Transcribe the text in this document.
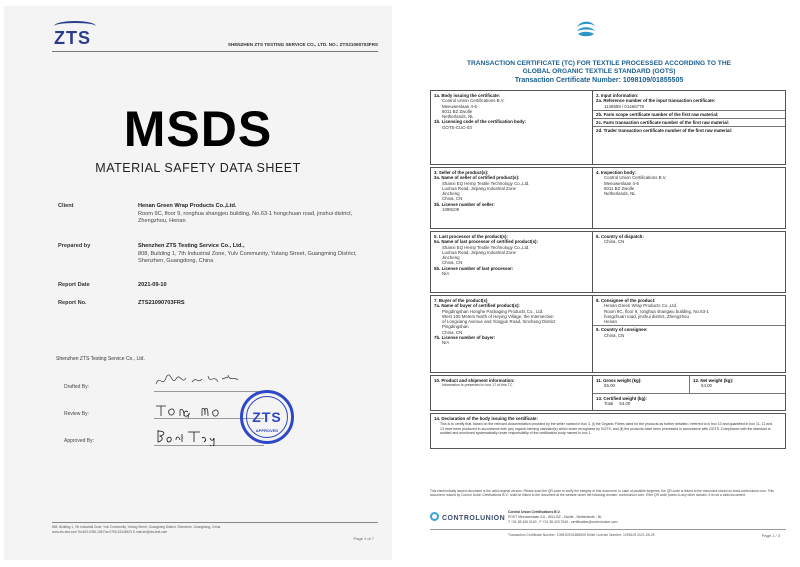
ZTS	SHENZHEN ZTS TESTING SERVICE CO., LTD. NO.: ZTS21090703FRS
MSDS
MATERIAL SAFETY DATA SHEET
Client	Henan Green Wrap Products Co.,Ltd.
Room 9C, floor 9, ronghua shangjeu building, No.63-1 hongchuan road, jinshui district, Zhengzhou, Henan
Prepared by	Shenzhen ZTS Testing Service Co., Ltd.,
808, Building 1, 7th Industrial Zone, Yulv Community, Yutang Street, Guangming District, Shenzhen, Guangdong, China
Report Date	2021-09-10
Report No.	ZTS21090703FRS
Shenzhen ZTS Testing Service Co., Ltd.
Drafted By:
Review By:
Approved By:
ZTS
APPROVED
808, Building 1, 7th Industrial Zone, Yulv Community, Yutang Street, Guangming District, Shenzhen, Guangdong, China
www.zts-test.com Tel:400-6786-108 Fax:0755-33146923 E-mail:zts@zts-test.com
Page 1 of 7
TRANSACTION CERTIFICATE (TC) FOR TEXTILE PROCESSED ACCORDING TO THE
GLOBAL ORGANIC TEXTILE STANDARD (GOTS)
Transaction Certificate Number: 1098109/01855505
1a. Body issuing the certificate:
Control Union Certifications B.V.
Meeuwenlaan 4-6
8011 BZ Zwolle
Netherlands, NL
1b. Licensing code of the certification body:
GOTS-CUC-03
2. Input information:
2a. Reference number of the input transaction certificate:
1148559 / 01466779
2b. Farm scope certificate number of the first raw material:
2c. Farm transaction certificate number of the first raw material:
2d. Trader transaction certificate number of the first raw material:
3. Seller of the product(s):
3a. Name of seller of certified product(s):
Shanxi EQ Hemp Textile Technology Co.,Ltd.
Luohua Road, Jinjiang Industrial Zone
Jincheng
China, CN
3b. License number of seller:
1098109
4. Inspection body:
Control Union Certifications B.V.
Meeuwenlaan 4-6
8011 BZ Zwolle
Netherlands, NL
5. Last processor of the product(s):
5a. Name of last processor of certified product(s):
Shanxi EQ Hemp Textile Technology Co.,Ltd.
Luohua Road, Jinjiang Industrial Zone
Jincheng
China, CN
5b. License number of last processor:
N/A
6. Country of dispatch:
China, CN
7. Buyer of the product(s)
7a. Name of buyer of certified product(s):
Pingdingshan Honghe Packaging Products Co., Ltd.
West 100 Meters North of Heying Village, the Intersection
of Longxiang Avenue and Yongjun Road, Xincheng District
Pingdingshan
China, CN
7b. License number of buyer:
N/A
8. Consignee of the product:
Henan Green Wrap Products Co.,Ltd.
Room 9C, floor 9, ronghua shangwu building, No.63-1
hongchuan road, jinshui district, Zhengzhou
Henan
9. Country of consignee:
China, CN
10. Product and shipment information:
Information is presented in box 17 of this TC
11. Gross weight (kg):
55.00
12. Net weight (kg):
54.00
13. Certified weight (kg):
Total 54.00
14. Declaration of the body issuing the certificate:
This is to certify that, based on the relevant documentation provided by the seller named in box 3, (i) the Organic Fibres used for the products as further detailed / referred to in box 10 and quantified in box 11, 12 and 13 have been produced in accordance with (an) organic farming standard(s) which is/are recognized by GOTS, and (ii) the products have been processed in accordance with GOTS. Compliance with the standard is audited and monitored systematically under responsibility of the certification body named in box 1.
This electronically issued document is the valid original version. Please scan the QR-code to verify the integrity of this document. In case of possible forgeries, the QR-code is linked to the document stored on www.controlunion.com. This document, issued by Control Union Certifications B.V., shall be linked to the document at the website under the following domain: controlunion.com. If the QR code points to any other domain, it is not a valid document.
CONTROLUNION
Control Union Certifications B.V.
POST Meeuwenlaan 4-6 - 8011 BZ - Zwolle - Netherlands - NL
T +31 38 426 0100 - F +31 38 423 7040 - certification@controlunion.com
Transaction Certificate Number: 1098109/01855505 Seller License Number: 1098109 2021-08-25	Page 1 / 3
